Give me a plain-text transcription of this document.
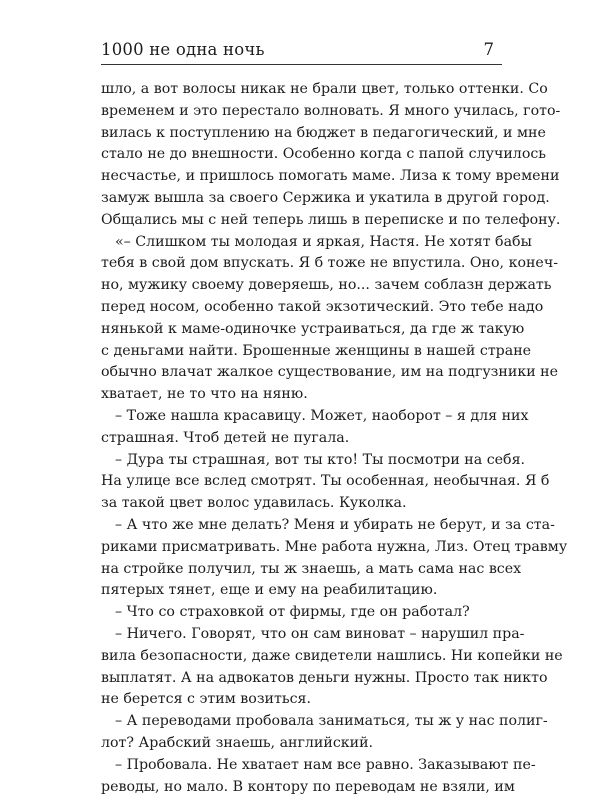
1000 не одна ночь	7
шло, а вот волосы никак не брали цвет, только оттенки. Со
временем и это перестало волновать. Я много училась, гото-
вилась к поступлению на бюджет в педагогический, и мне
стало не до внешности. Особенно когда с папой случилось
несчастье, и пришлось помогать маме. Лиза к тому времени
замуж вышла за своего Сержика и укатила в другой город.
Общались мы с ней теперь лишь в переписке и по телефону.
«– Слишком ты молодая и яркая, Настя. Не хотят бабы
тебя в свой дом впускать. Я б тоже не впустила. Оно, конеч-
но, мужику своему доверяешь, но... зачем соблазн держать
перед носом, особенно такой экзотический. Это тебе надо
нянькой к маме-одиночке устраиваться, да где ж такую
с деньгами найти. Брошенные женщины в нашей стране
обычно влачат жалкое существование, им на подгузники не
хватает, не то что на няню.
– Тоже нашла красавицу. Может, наоборот – я для них
страшная. Чтоб детей не пугала.
– Дура ты страшная, вот ты кто! Ты посмотри на себя.
На улице все вслед смотрят. Ты особенная, необычная. Я б
за такой цвет волос удавилась. Куколка.
– А что же мне делать? Меня и убирать не берут, и за ста-
риками присматривать. Мне работа нужна, Лиз. Отец травму
на стройке получил, ты ж знаешь, а мать сама нас всех
пятерых тянет, еще и ему на реабилитацию.
– Что со страховкой от фирмы, где он работал?
– Ничего. Говорят, что он сам виноват – нарушил пра-
вила безопасности, даже свидетели нашлись. Ни копейки не
выплатят. А на адвокатов деньги нужны. Просто так никто
не берется с этим возиться.
– А переводами пробовала заниматься, ты ж у нас полиг-
лот? Арабский знаешь, английский.
– Пробовала. Не хватает нам все равно. Заказывают пе-
реводы, но мало. В контору по переводам не взяли, им
